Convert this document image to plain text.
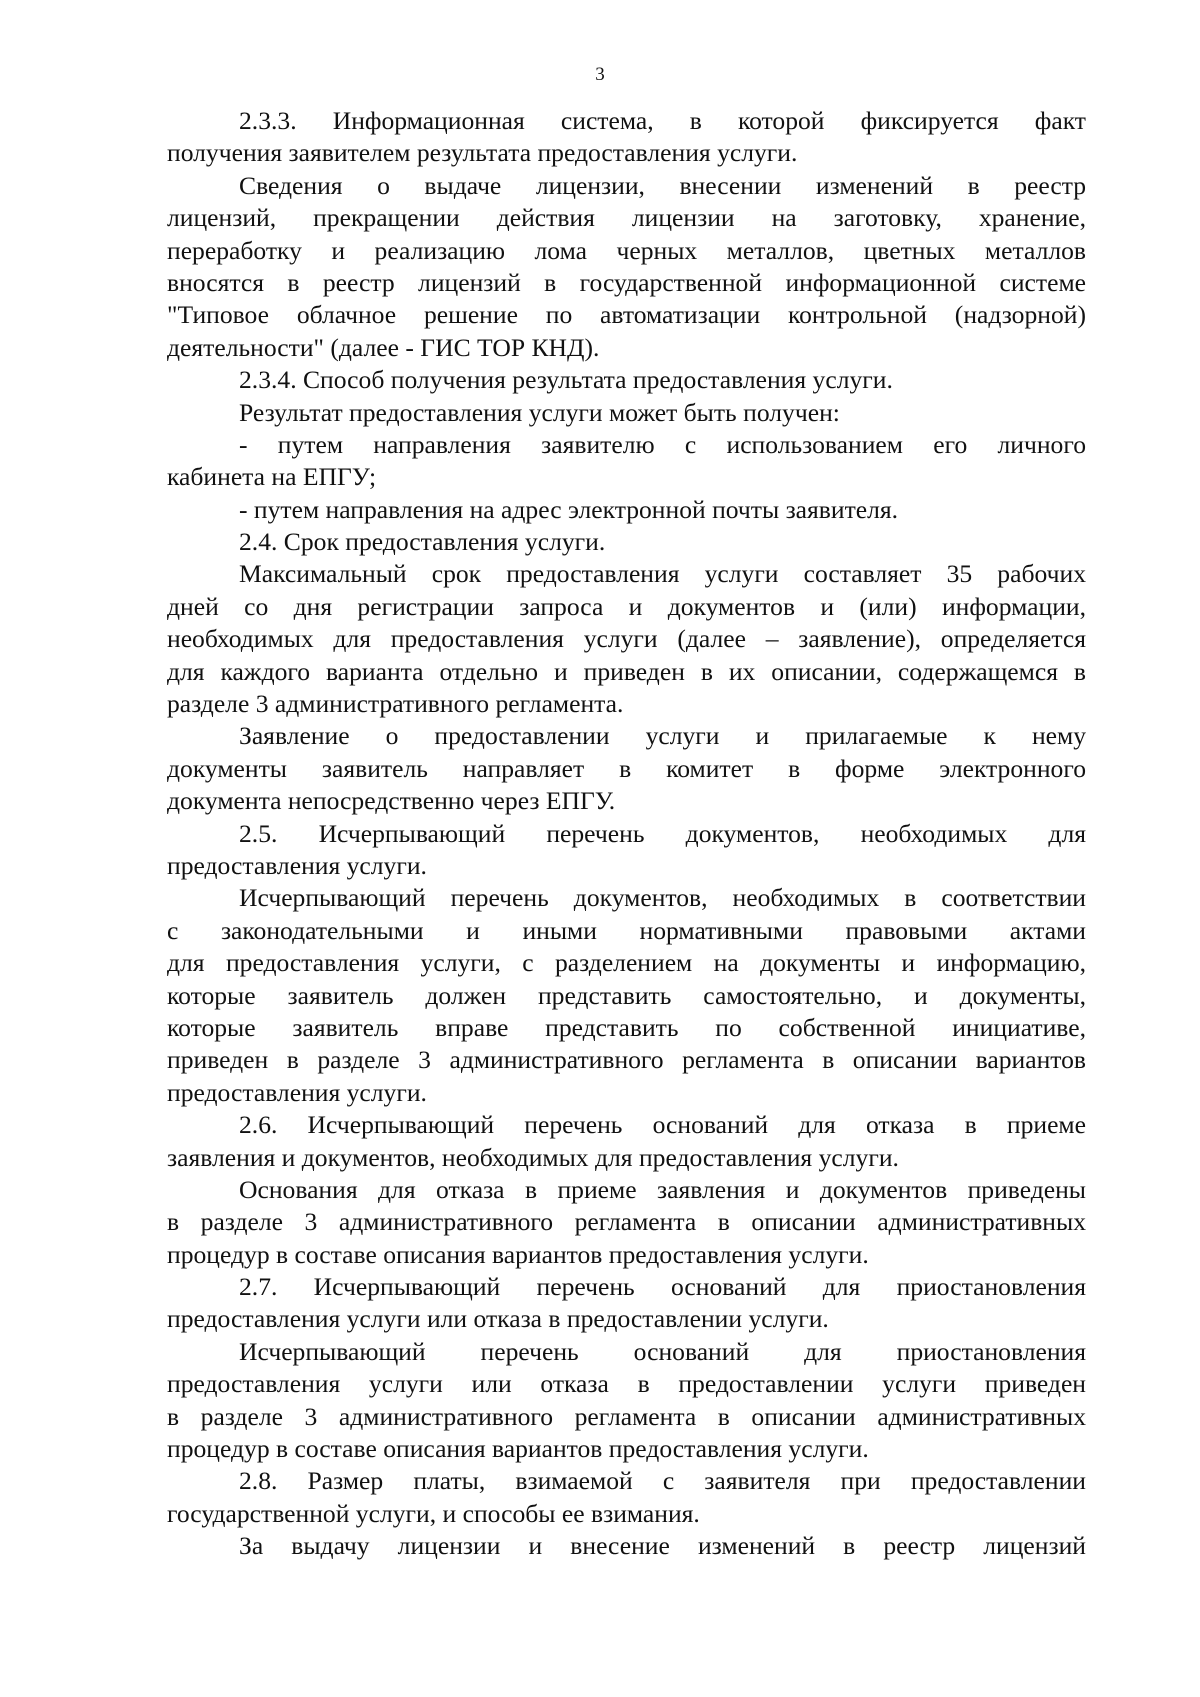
3
2.3.3. Информационная система, в которой фиксируется факт
получения заявителем результата предоставления услуги.
Сведения о выдаче лицензии, внесении изменений в реестр
лицензий, прекращении действия лицензии на заготовку, хранение,
переработку и реализацию лома черных металлов, цветных металлов
вносятся в реестр лицензий в государственной информационной системе
"Типовое облачное решение по автоматизации контрольной (надзорной)
деятельности" (далее - ГИС ТОР КНД).
2.3.4. Способ получения результата предоставления услуги.
Результат предоставления услуги может быть получен:
- путем направления заявителю с использованием его личного
кабинета на ЕПГУ;
- путем направления на адрес электронной почты заявителя.
2.4. Срок предоставления услуги.
Максимальный срок предоставления услуги составляет 35 рабочих
дней со дня регистрации запроса и документов и (или) информации,
необходимых для предоставления услуги (далее – заявление), определяется
для каждого варианта отдельно и приведен в их описании, содержащемся в
разделе 3 административного регламента.
Заявление о предоставлении услуги и прилагаемые к нему
документы заявитель направляет в комитет в форме электронного
документа непосредственно через ЕПГУ.
2.5. Исчерпывающий перечень документов, необходимых для
предоставления услуги.
Исчерпывающий перечень документов, необходимых в соответствии
с законодательными и иными нормативными правовыми актами
для предоставления услуги, с разделением на документы и информацию,
которые заявитель должен представить самостоятельно, и документы,
которые заявитель вправе представить по собственной инициативе,
приведен в разделе 3 административного регламента в описании вариантов
предоставления услуги.
2.6. Исчерпывающий перечень оснований для отказа в приеме
заявления и документов, необходимых для предоставления услуги.
Основания для отказа в приеме заявления и документов приведены
в разделе 3 административного регламента в описании административных
процедур в составе описания вариантов предоставления услуги.
2.7. Исчерпывающий перечень оснований для приостановления
предоставления услуги или отказа в предоставлении услуги.
Исчерпывающий перечень оснований для приостановления
предоставления услуги или отказа в предоставлении услуги приведен
в разделе 3 административного регламента в описании административных
процедур в составе описания вариантов предоставления услуги.
2.8. Размер платы, взимаемой с заявителя при предоставлении
государственной услуги, и способы ее взимания.
За выдачу лицензии и внесение изменений в реестр лицензий
